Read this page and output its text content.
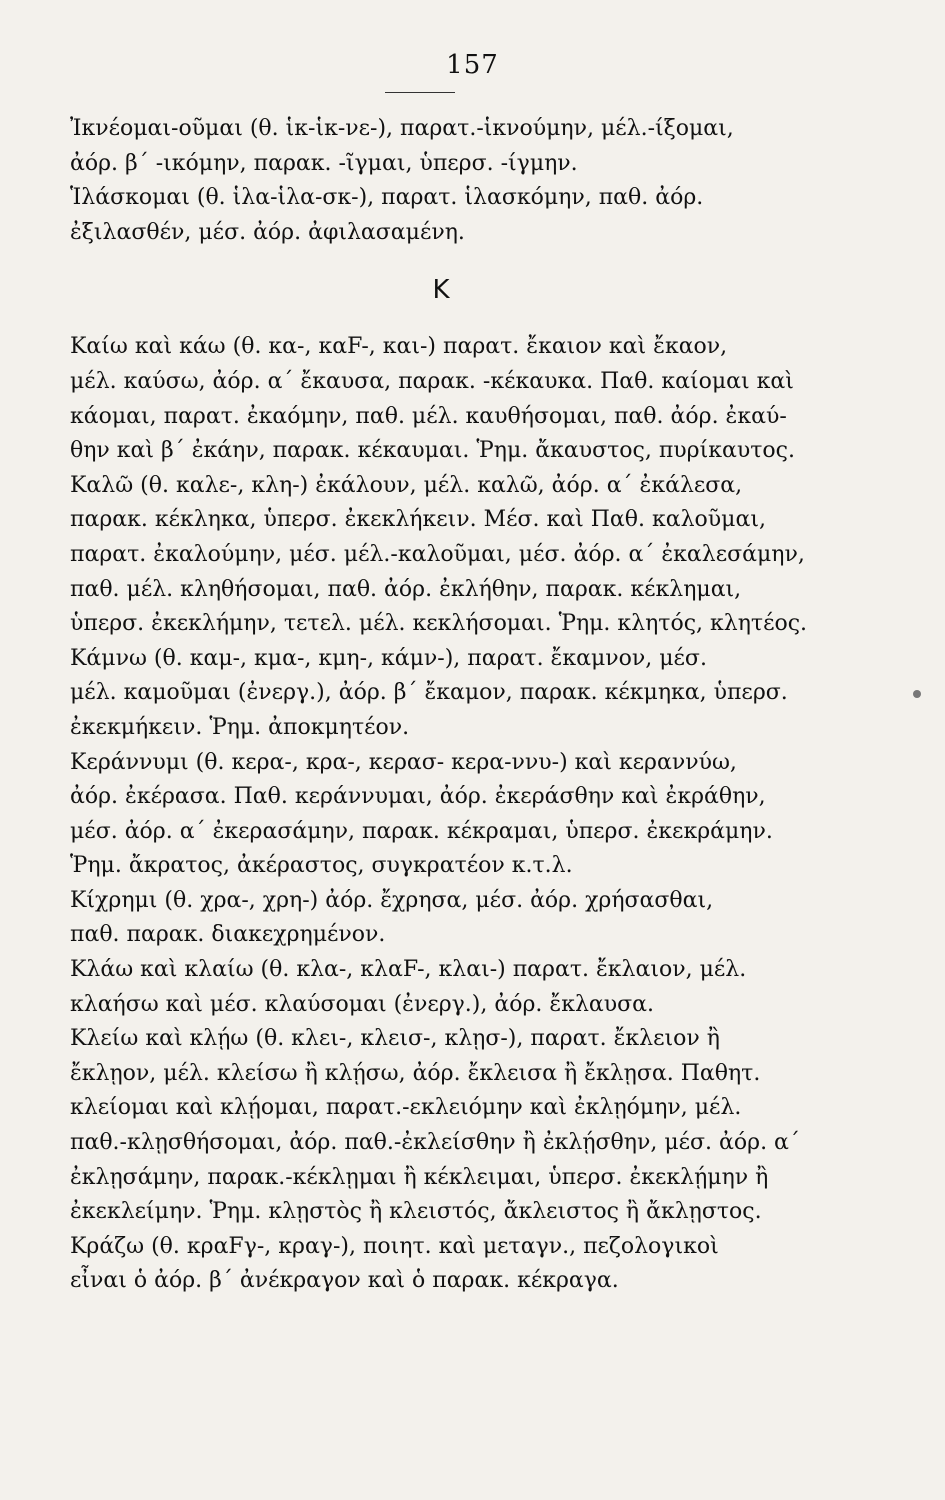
157
Ἰκνέομαι-οῦμαι (θ. ἱκ-ἱκ-νε-), παρατ.-ἱκνούμην, μέλ.-ίξομαι,
ἀόρ. β΄ -ικόμην, παρακ. -ῖγμαι, ὑπερσ. -ίγμην.
Ἱλάσκομαι (θ. ἱλα-ἱλα-σκ-), παρατ. ἱλασκόμην, παθ. ἀόρ.
ἐξιλασθέν, μέσ. ἀόρ. ἀφιλασαμένη.
K
Καίω καὶ κάω (θ. κα-, καF-, και-) παρατ. ἔκαιον καὶ ἔκαον,
μέλ. καύσω, ἀόρ. α΄ ἔκαυσα, παρακ. -κέκαυκα. Παθ. καίομαι καὶ
κάομαι, παρατ. ἐκαόμην, παθ. μέλ. καυθήσομαι, παθ. ἀόρ. ἐκαύ-
θην καὶ β΄ ἐκάην, παρακ. κέκαυμαι. Ῥημ. ἄκαυστος, πυρίκαυτος.
Καλῶ (θ. καλε-, κλη-) ἐκάλουν, μέλ. καλῶ, ἀόρ. α΄ ἐκάλεσα,
παρακ. κέκληκα, ὑπερσ. ἐκεκλήκειν. Μέσ. καὶ Παθ. καλοῦμαι,
παρατ. ἐκαλούμην, μέσ. μέλ.-καλοῦμαι, μέσ. ἀόρ. α΄ ἐκαλεσάμην,
παθ. μέλ. κληθήσομαι, παθ. ἀόρ. ἐκλήθην, παρακ. κέκλημαι,
ὑπερσ. ἐκεκλήμην, τετελ. μέλ. κεκλήσομαι. Ῥημ. κλητός, κλητέος.
Κάμνω (θ. καμ-, κμα-, κμη-, κάμν-), παρατ. ἔκαμνον, μέσ.
μέλ. καμοῦμαι (ἐνεργ.), ἀόρ. β΄ ἔκαμον, παρακ. κέκμηκα, ὑπερσ.
ἐκεκμήκειν. Ῥημ. ἀποκμητέον.
Κεράννυμι (θ. κερα-, κρα-, κερασ- κερα-ννυ-) καὶ κεραννύω,
ἀόρ. ἐκέρασα. Παθ. κεράννυμαι, ἀόρ. ἐκεράσθην καὶ ἐκράθην,
μέσ. ἀόρ. α΄ ἐκερασάμην, παρακ. κέκραμαι, ὑπερσ. ἐκεκράμην.
Ῥημ. ἄκρατος, ἀκέραστος, συγκρατέον κ.τ.λ.
Κίχρημι (θ. χρα-, χρη-) ἀόρ. ἔχρησα, μέσ. ἀόρ. χρήσασθαι,
παθ. παρακ. διακεχρημένον.
Κλάω καὶ κλαίω (θ. κλα-, κλαF-, κλαι-) παρατ. ἔκλαιον, μέλ.
κλαήσω καὶ μέσ. κλαύσομαι (ἐνεργ.), ἀόρ. ἔκλαυσα.
Κλείω καὶ κλῄω (θ. κλει-, κλεισ-, κλῃσ-), παρατ. ἔκλειον ἢ
ἔκλῃον, μέλ. κλείσω ἢ κλῄσω, ἀόρ. ἔκλεισα ἢ ἔκλῃσα. Παθητ.
κλείομαι καὶ κλῄομαι, παρατ.-εκλειόμην καὶ ἐκλῃόμην, μέλ.
παθ.-κλῃσθήσομαι, ἀόρ. παθ.-ἐκλείσθην ἢ ἐκλῄσθην, μέσ. ἀόρ. α΄
ἐκλῃσάμην, παρακ.-κέκλῃμαι ἢ κέκλειμαι, ὑπερσ. ἐκεκλῄμην ἢ
ἐκεκλείμην. Ῥημ. κλῃστὸς ἢ κλειστός, ἄκλειστος ἢ ἄκλῃστος.
Κράζω (θ. κραFγ-, κραγ-), ποιητ. καὶ μεταγν., πεζολογικοὶ
εἶναι ὁ ἀόρ. β΄ ἀνέκραγον καὶ ὁ παρακ. κέκραγα.
